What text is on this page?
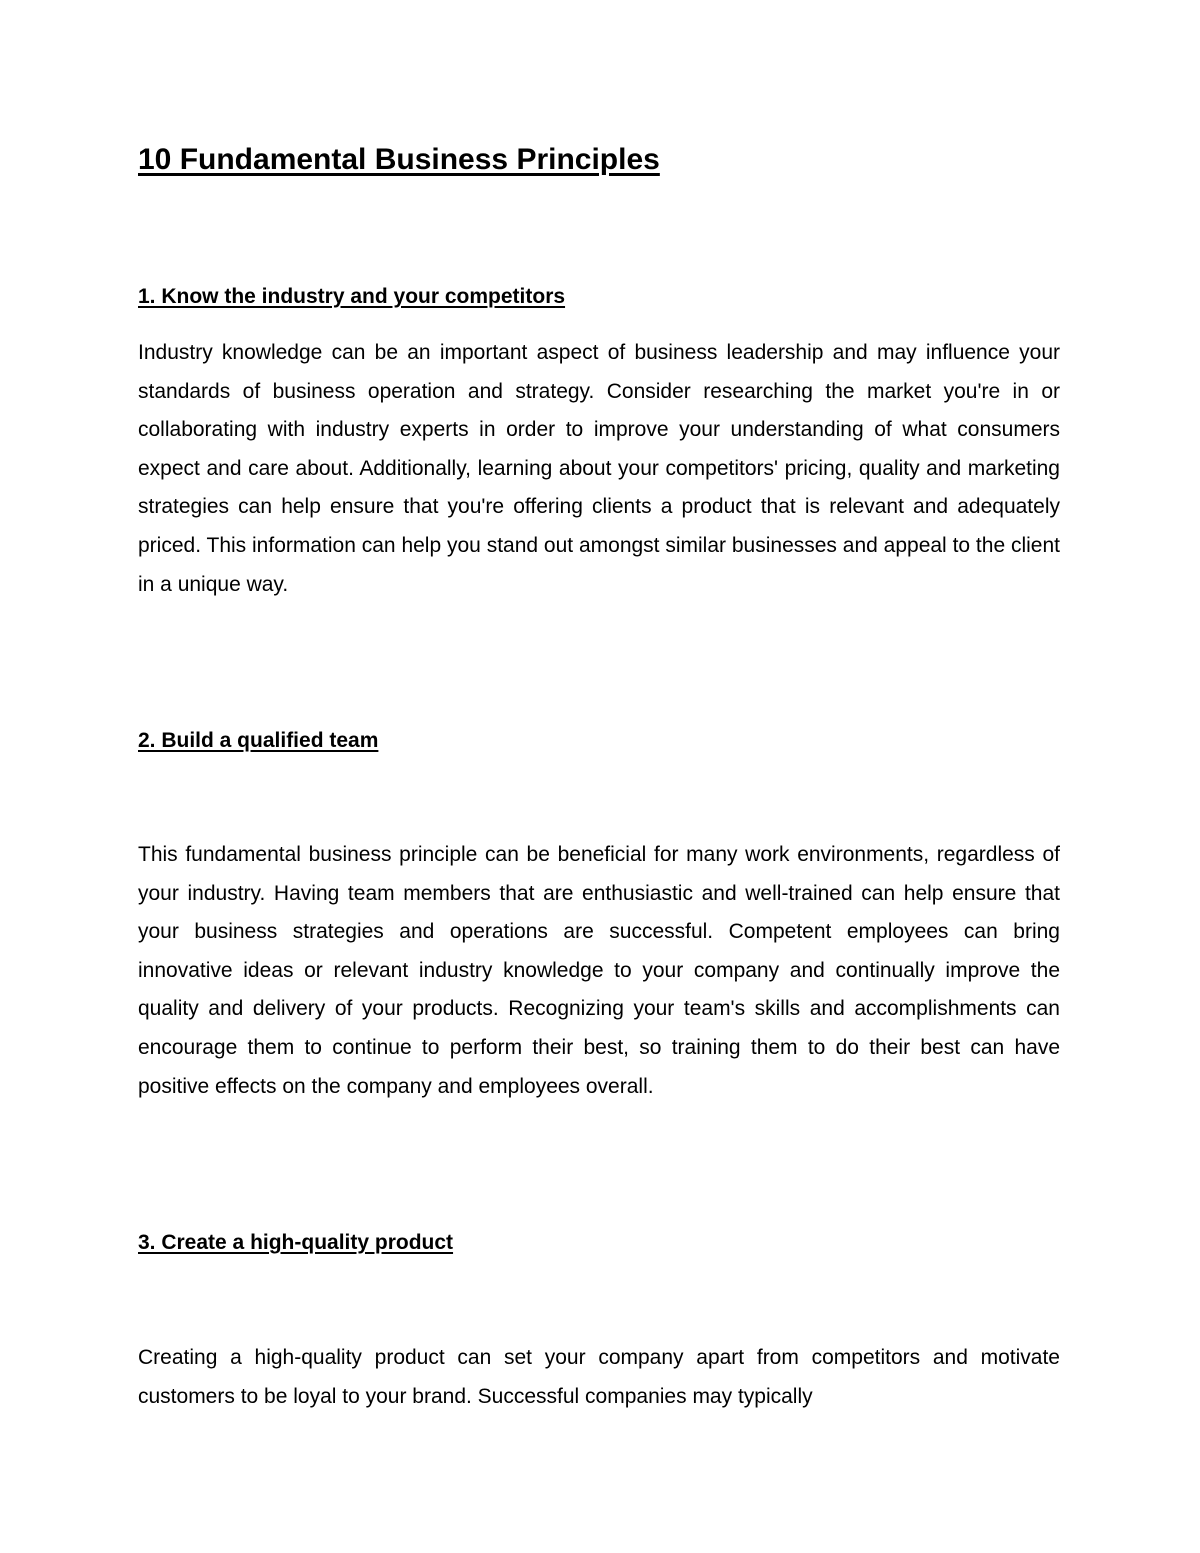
10 Fundamental Business Principles
1. Know the industry and your competitors

Industry knowledge can be an important aspect of business leadership and may influence your standards of business operation and strategy. Consider researching the market you're in or collaborating with industry experts in order to improve your understanding of what consumers expect and care about. Additionally, learning about your competitors' pricing, quality and marketing strategies can help ensure that you're offering clients a product that is relevant and adequately priced. This information can help you stand out amongst similar businesses and appeal to the client in a unique way.

2. Build a qualified team

This fundamental business principle can be beneficial for many work environments, regardless of your industry. Having team members that are enthusiastic and well-trained can help ensure that your business strategies and operations are successful. Competent employees can bring innovative ideas or relevant industry knowledge to your company and continually improve the quality and delivery of your products. Recognizing your team's skills and accomplishments can encourage them to continue to perform their best, so training them to do their best can have positive effects on the company and employees overall.

3. Create a high-quality product

Creating a high-quality product can set your company apart from competitors and motivate customers to be loyal to your brand. Successful companies may typically
